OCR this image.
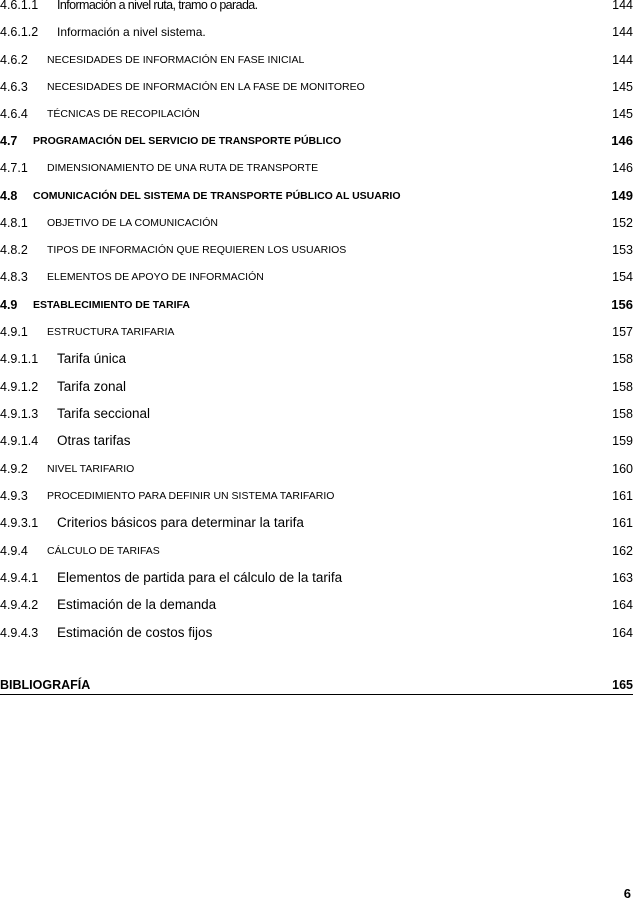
4.6.1.1 Información a nivel ruta, tramo o parada.	144
4.6.1.2 Información a nivel sistema.	144
4.6.2 NECESIDADES DE INFORMACIÓN EN FASE INICIAL	144
4.6.3 NECESIDADES DE INFORMACIÓN EN LA FASE DE MONITOREO	145
4.6.4 TÉCNICAS DE RECOPILACIÓN	145
4.7 PROGRAMACIÓN DEL SERVICIO DE TRANSPORTE PÚBLICO	146
4.7.1 DIMENSIONAMIENTO DE UNA RUTA DE TRANSPORTE	146
4.8 COMUNICACIÓN DEL SISTEMA DE TRANSPORTE PÚBLICO AL USUARIO	149
4.8.1 OBJETIVO DE LA COMUNICACIÓN	152
4.8.2 TIPOS DE INFORMACIÓN QUE REQUIEREN LOS USUARIOS	153
4.8.3 ELEMENTOS DE APOYO DE INFORMACIÓN	154
4.9 ESTABLECIMIENTO DE TARIFA	156
4.9.1 ESTRUCTURA TARIFARIA	157
4.9.1.1 Tarifa única	158
4.9.1.2 Tarifa zonal	158
4.9.1.3 Tarifa seccional	158
4.9.1.4 Otras tarifas	159
4.9.2 NIVEL TARIFARIO	160
4.9.3 PROCEDIMIENTO PARA DEFINIR UN SISTEMA TARIFARIO	161
4.9.3.1 Criterios básicos para determinar la tarifa	161
4.9.4 CÁLCULO DE TARIFAS	162
4.9.4.1 Elementos de partida para el cálculo de la tarifa	163
4.9.4.2 Estimación de la demanda	164
4.9.4.3 Estimación de costos fijos	164
BIBLIOGRAFÍA	165
6
